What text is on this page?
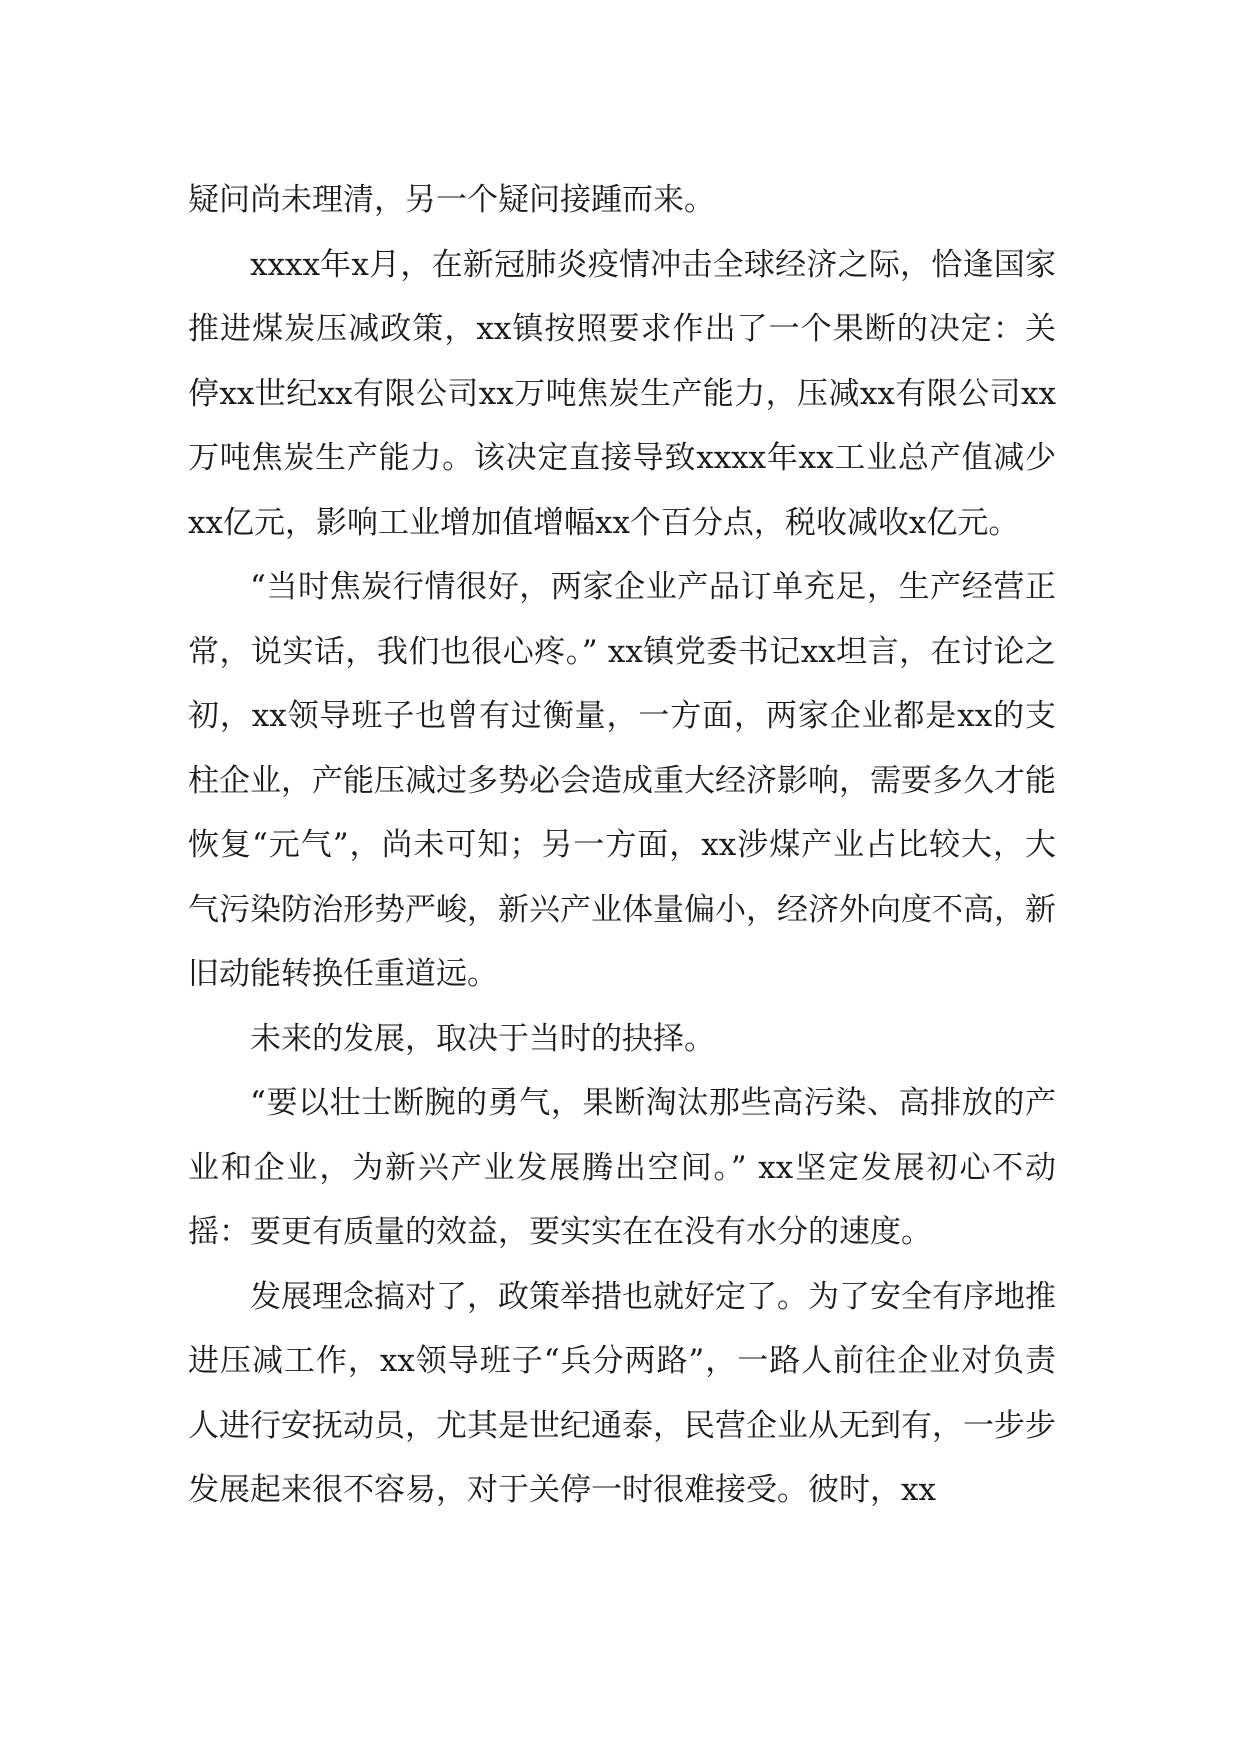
疑问尚未理清，另一个疑问接踵而来。

xxxx年x月，在新冠肺炎疫情冲击全球经济之际，恰逢国家推进煤炭压减政策，xx镇按照要求作出了一个果断的决定：关停xx世纪xx有限公司xx万吨焦炭生产能力，压减xx有限公司xx万吨焦炭生产能力。该决定直接导致xxxx年xx工业总产值减少xx亿元，影响工业增加值增幅xx个百分点，税收减收x亿元。

“当时焦炭行情很好，两家企业产品订单充足，生产经营正常，说实话，我们也很心疼。” xx镇党委书记xx坦言，在讨论之初，xx领导班子也曾有过衡量，一方面，两家企业都是xx的支柱企业，产能压减过多势必会造成重大经济影响，需要多久才能恢复“元气”，尚未可知；另一方面，xx涉煤产业占比较大，大气污染防治形势严峻，新兴产业体量偏小，经济外向度不高，新旧动能转换任重道远。

未来的发展，取决于当时的抉择。

“要以壮士断腕的勇气，果断淘汰那些高污染、高排放的产业和企业，为新兴产业发展腾出空间。” xx坚定发展初心不动摇：要更有质量的效益，要实实在在没有水分的速度。

发展理念搞对了，政策举措也就好定了。为了安全有序地推进压减工作，xx领导班子“兵分两路”，一路人前往企业对负责人进行安抚动员，尤其是世纪通泰，民营企业从无到有，一步步发展起来很不容易，对于关停一时很难接受。彼时，xx
